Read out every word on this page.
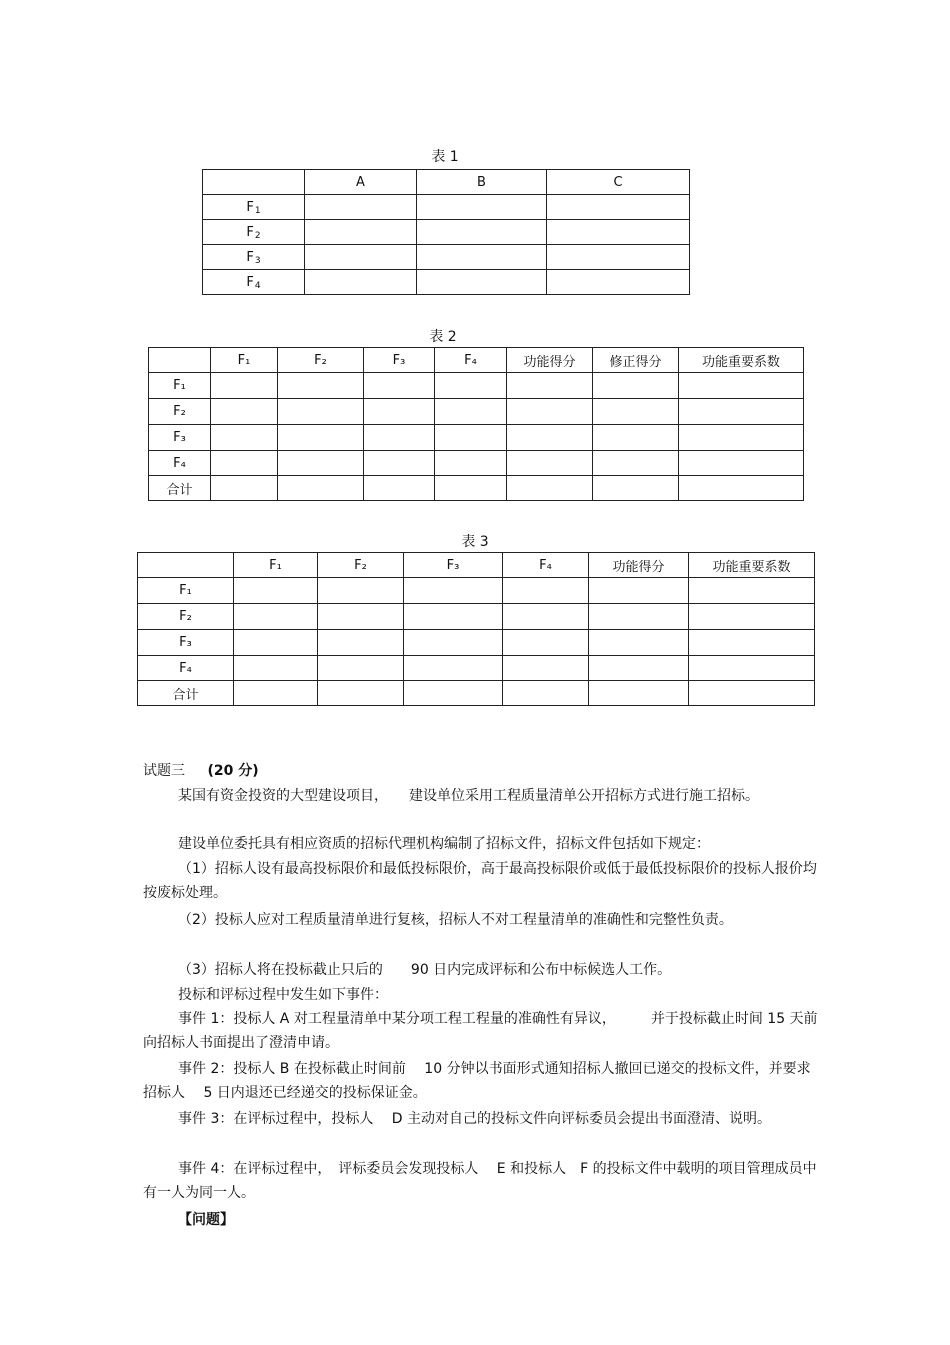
表 1
	A	B	C
F1			
F2			
F3			
F4			
表 2
	F₁	F₂	F₃	F₄	功能得分	修正得分	功能重要系数
F₁							
F₂							
F₃							
F₄							
合计							
表 3
	F₁	F₂	F₃	F₄	功能得分	功能重要系数
F₁						
F₂						
F₃						
F₄						
合计						
试题三 (20 分)
某国有资金投资的大型建设项目，　　建设单位采用工程质量清单公开招标方式进行施工招标。
建设单位委托具有相应资质的招标代理机构编制了招标文件，招标文件包括如下规定：
（1）招标人设有最高投标限价和最低投标限价，高于最高投标限价或低于最低投标限价的投标人报价均按废标处理。
（2）投标人应对工程质量清单进行复核，招标人不对工程量清单的准确性和完整性负责。
（3）招标人将在投标截止只后的　　90 日内完成评标和公布中标候选人工作。
投标和评标过程中发生如下事件：
事件 1：投标人 A 对工程量清单中某分项工程工程量的准确性有异议，　　　并于投标截止时间 15 天前向招标人书面提出了澄清申请。
事件 2：投标人 B 在投标截止时间前　 10 分钟以书面形式通知招标人撤回已递交的投标文件，并要求招标人　 5 日内退还已经递交的投标保证金。
事件 3：在评标过程中，投标人　 D 主动对自己的投标文件向评标委员会提出书面澄清、说明。
事件 4：在评标过程中，　评标委员会发现投标人　 E 和投标人　F 的投标文件中载明的项目管理成员中有一人为同一人。
【问题】
